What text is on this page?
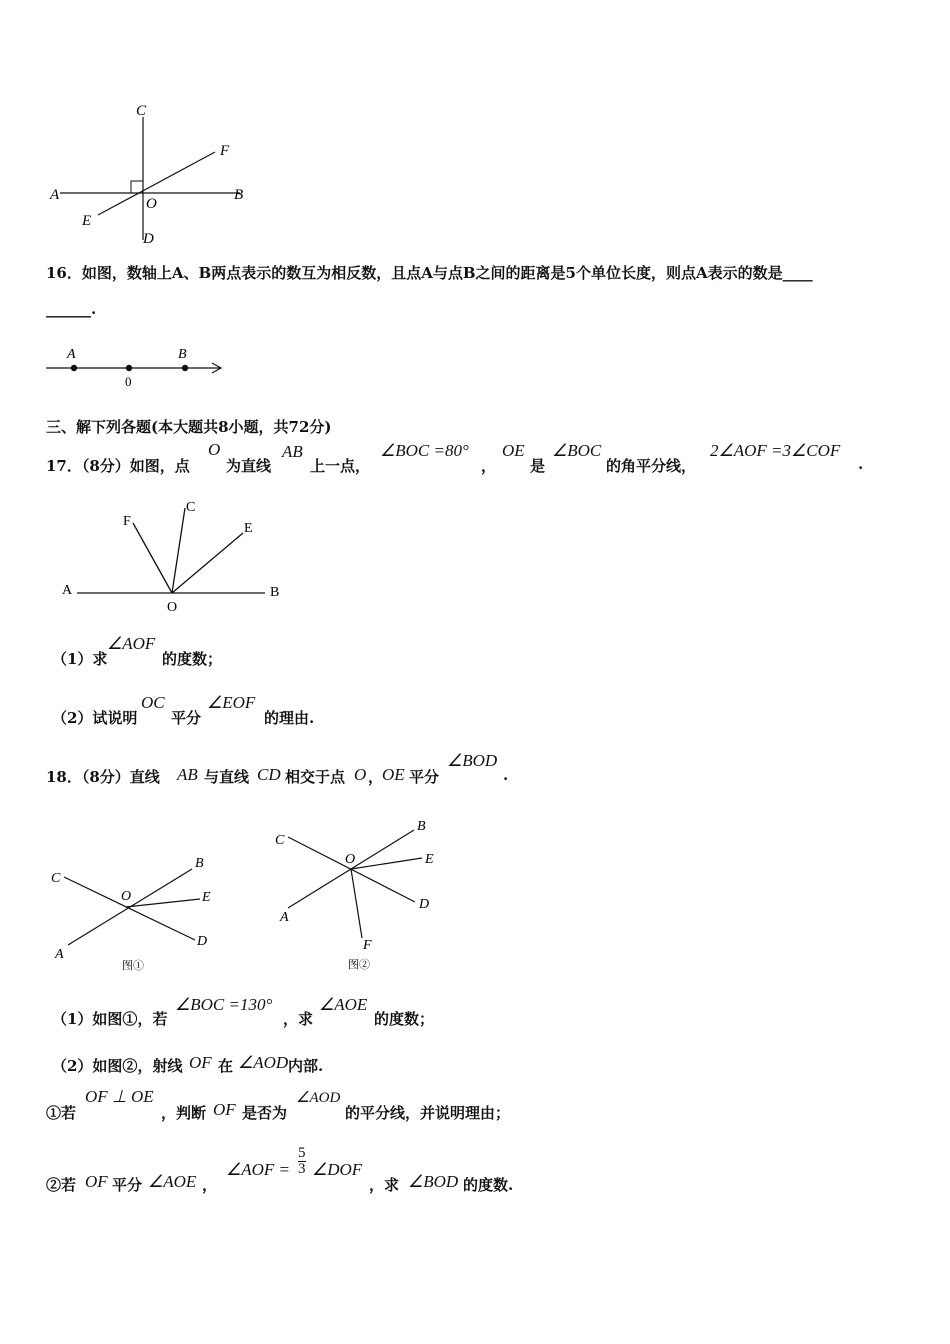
C
F
A
O
B
E
D
16．如图，数轴上A、B两点表示的数互为相反数，且点A与点B之间的距离是5个单位长度，则点A表示的数是____
______.
A	B
0
三、解下列各题(本大题共8小题，共72分)
17．（8分）如图，点
O
为直线
AB
上一点，
∠BOC =80°
，
OE
是
∠BOC
的角平分线，
2∠AOF =3∠COF
.
F
C
E
A
O
B
（1）求
∠AOF
的度数；
（2）试说明
OC
平分
∠EOF
的理由.
18．（8分）直线 AB 与直线 CD 相交于点 O ，
OE 平分
∠BOD
.
C
B
O	E
A
D
图①
C
B
O	E
A
D
F
图②
（1）如图①，若
∠BOC =130°
，求
∠AOE
的度数；
（2）如图②，射线 OF 在 ∠AOD 内部.
①若
OF ⊥ OE
，判断 OF 是否为
∠AOD
的平分线，并说明理由；
②若 OF 平分 ∠AOE ，
∠AOF = $\frac{5}{3}$ ∠DOF
，求 ∠BOD 的度数.
